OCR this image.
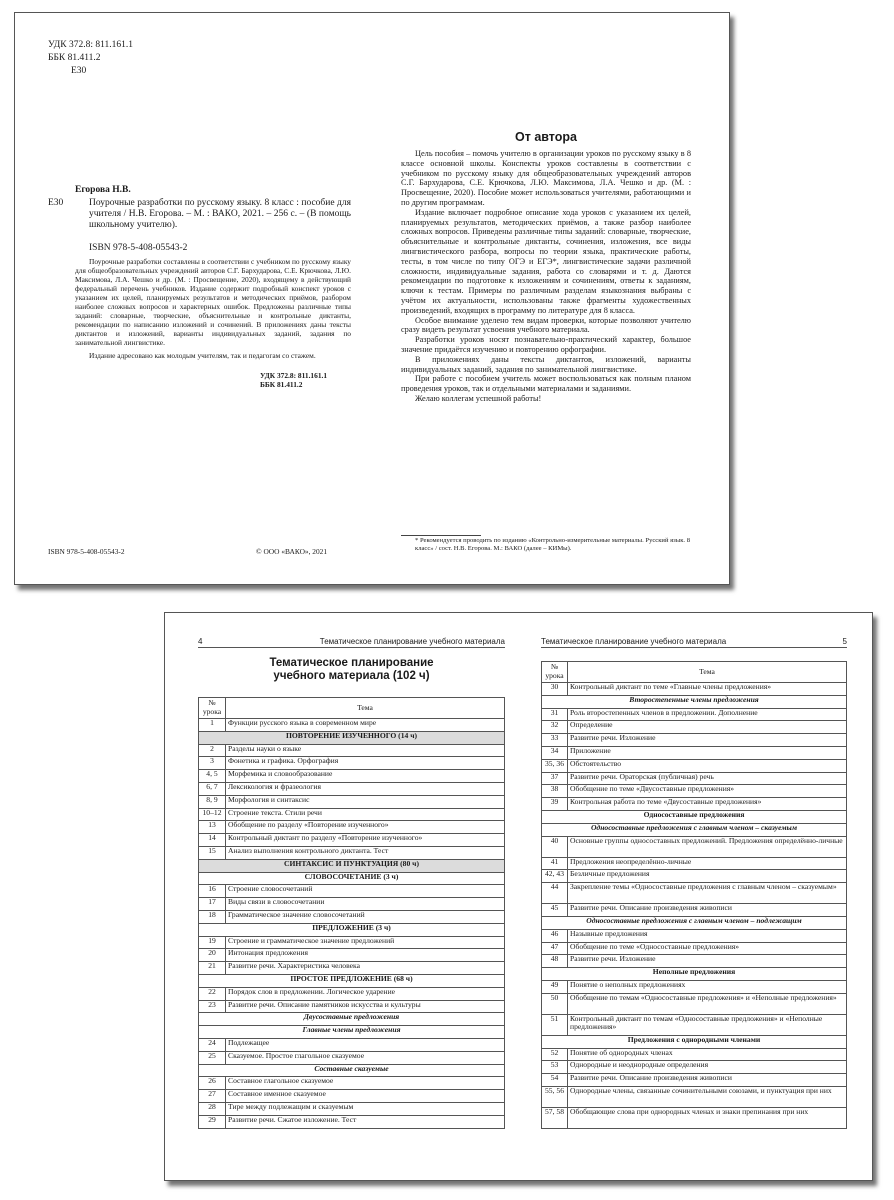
УДК 372.8: 811.161.1
ББК 81.411.2
Е30
Егорова Н.В.
Е30	Поурочные разработки по русскому языку. 8 класс : пособие для учителя / Н.В. Егорова. – М. : ВАКО, 2021. – 256 с. – (В помощь школьному учителю).
ISBN 978-5-408-05543-2
Поурочные разработки составлены в соответствии с учебником по русскому языку для общеобразовательных учреждений авторов С.Г. Бархударова, С.Е. Крючкова, Л.Ю. Максимова, Л.А. Чешко и др. (М. : Просвещение, 2020), входящему в действующий федеральный перечень учебников. Издание содержит подробный конспект уроков с указанием их целей, планируемых результатов и методических приёмов, разбором наиболее сложных вопросов и характерных ошибок. Предложены различные типы заданий: словарные, творческие, объяснительные и контрольные диктанты, рекомендации по написанию изложений и сочинений. В приложениях даны тексты диктантов и изложений, варианты индивидуальных заданий, задания по занимательной лингвистике.
Издание адресовано как молодым учителям, так и педагогам со стажем.
УДК 372.8: 811.161.1
ББК 81.411.2
ISBN 978-5-408-05543-2	© ООО «ВАКО», 2021
От автора

Цель пособия – помочь учителю в организации уроков по русскому языку в 8 классе основной школы. Конспекты уроков составлены в соответствии с учебником по русскому языку для общеобразовательных учреждений авторов С.Г. Бархударова, С.Е. Крючкова, Л.Ю. Максимова, Л.А. Чешко и др. (М. : Просвещение, 2020). Пособие может использоваться учителями, работающими и по другим программам.

Издание включает подробное описание хода уроков с указанием их целей, планируемых результатов, методических приёмов, а также разбор наиболее сложных вопросов. Приведены различные типы заданий: словарные, творческие, объяснительные и контрольные диктанты, сочинения, изложения, все виды лингвистического разбора, вопросы по теории языка, практические работы, тесты, в том числе по типу ОГЭ и ЕГЭ*, лингвистические задачи различной сложности, индивидуальные задания, работа со словарями и т. д. Даются рекомендации по подготовке к изложениям и сочинениям, ответы к заданиям, ключи к тестам. Примеры по различным разделам языкознания выбраны с учётом их актуальности, использованы также фрагменты художественных произведений, входящих в программу по литературе для 8 класса.

Особое внимание уделено тем видам проверки, которые позволяют учителю сразу видеть результат усвоения учебного материала.

Разработки уроков носят познавательно-практический характер, большое значение придаётся изучению и повторению орфографии.

В приложениях даны тексты диктантов, изложений, варианты индивидуальных заданий, задания по занимательной лингвистике.

При работе с пособием учитель может воспользоваться как полным планом проведения уроков, так и отдельными материалами и заданиями.

Желаю коллегам успешной работы!

* Рекомендуется проводить по изданию «Контрольно-измерительные материалы. Русский язык. 8 класс» / сост. Н.В. Егорова. М.: ВАКО (далее – КИМы).
4	Тематическое планирование учебного материала	Тематическое планирование учебного материала	5
Тематическое планирование
учебного материала (102 ч)
№ урока	Тема
1	Функции русского языка в современном мире
ПОВТОРЕНИЕ ИЗУЧЕННОГО (14 ч)	
2	Разделы науки о языке
3	Фонетика и графика. Орфография
4, 5	Морфемика и словообразование
6, 7	Лексикология и фразеология
8, 9	Морфология и синтаксис
10–12	Строение текста. Стили речи
13	Обобщение по разделу «Повторение изученного»
14	Контрольный диктант по разделу «Повторение изученного»
15	Анализ выполнения контрольного диктанта. Тест
СИНТАКСИС И ПУНКТУАЦИЯ (80 ч)	
СЛОВОСОЧЕТАНИЕ (3 ч)	
16	Строение словосочетаний
17	Виды связи в словосочетании
18	Грамматическое значение словосочетаний
ПРЕДЛОЖЕНИЕ (3 ч)	
19	Строение и грамматическое значение предложений
20	Интонация предложения
21	Развитие речи. Характеристика человека
ПРОСТОЕ ПРЕДЛОЖЕНИЕ (68 ч)	
22	Порядок слов в предложении. Логическое ударение
23	Развитие речи. Описание памятников искусства и культуры
Двусоставные предложения	
Главные члены предложения	
24	Подлежащее
25	Сказуемое. Простое глагольное сказуемое
Составные сказуемые	
26	Составное глагольное сказуемое
27	Составное именное сказуемое
28	Тире между подлежащим и сказуемым
29	Развитие речи. Сжатое изложение. Тест
№ урока	Тема
30	Контрольный диктант по теме «Главные члены предложения»
Второстепенные члены предложения	
31	Роль второстепенных членов в предложении. Дополнение
32	Определение
33	Развитие речи. Изложение
34	Приложение
35, 36	Обстоятельство
37	Развитие речи. Ораторская (публичная) речь
38	Обобщение по теме «Двусоставные предложения»
39	Контрольная работа по теме «Двусоставные предложения»
Односоставные предложения	
Односоставные предложения с главным членом – сказуемым	
40	Основные группы односоставных предложений. Предложения определённо-личные
41	Предложения неопределённо-личные
42, 43	Безличные предложения
44	Закрепление темы «Односоставные предложения с главным членом – сказуемым»
45	Развитие речи. Описание произведения живописи
Односоставные предложения с главным членом – подлежащим	
46	Назывные предложения
47	Обобщение по теме «Односоставные предложения»
48	Развитие речи. Изложение
Неполные предложения	
49	Понятие о неполных предложениях
50	Обобщение по темам «Односоставные предложения» и «Неполные предложения»
51	Контрольный диктант по темам «Односоставные предложения» и «Неполные предложения»
Предложения с однородными членами	
52	Понятие об однородных членах
53	Однородные и неоднородные определения
54	Развитие речи. Описание произведения живописи
55, 56	Однородные члены, связанные сочинительными союзами, и пунктуация при них
57, 58	Обобщающие слова при однородных членах и знаки препинания при них
